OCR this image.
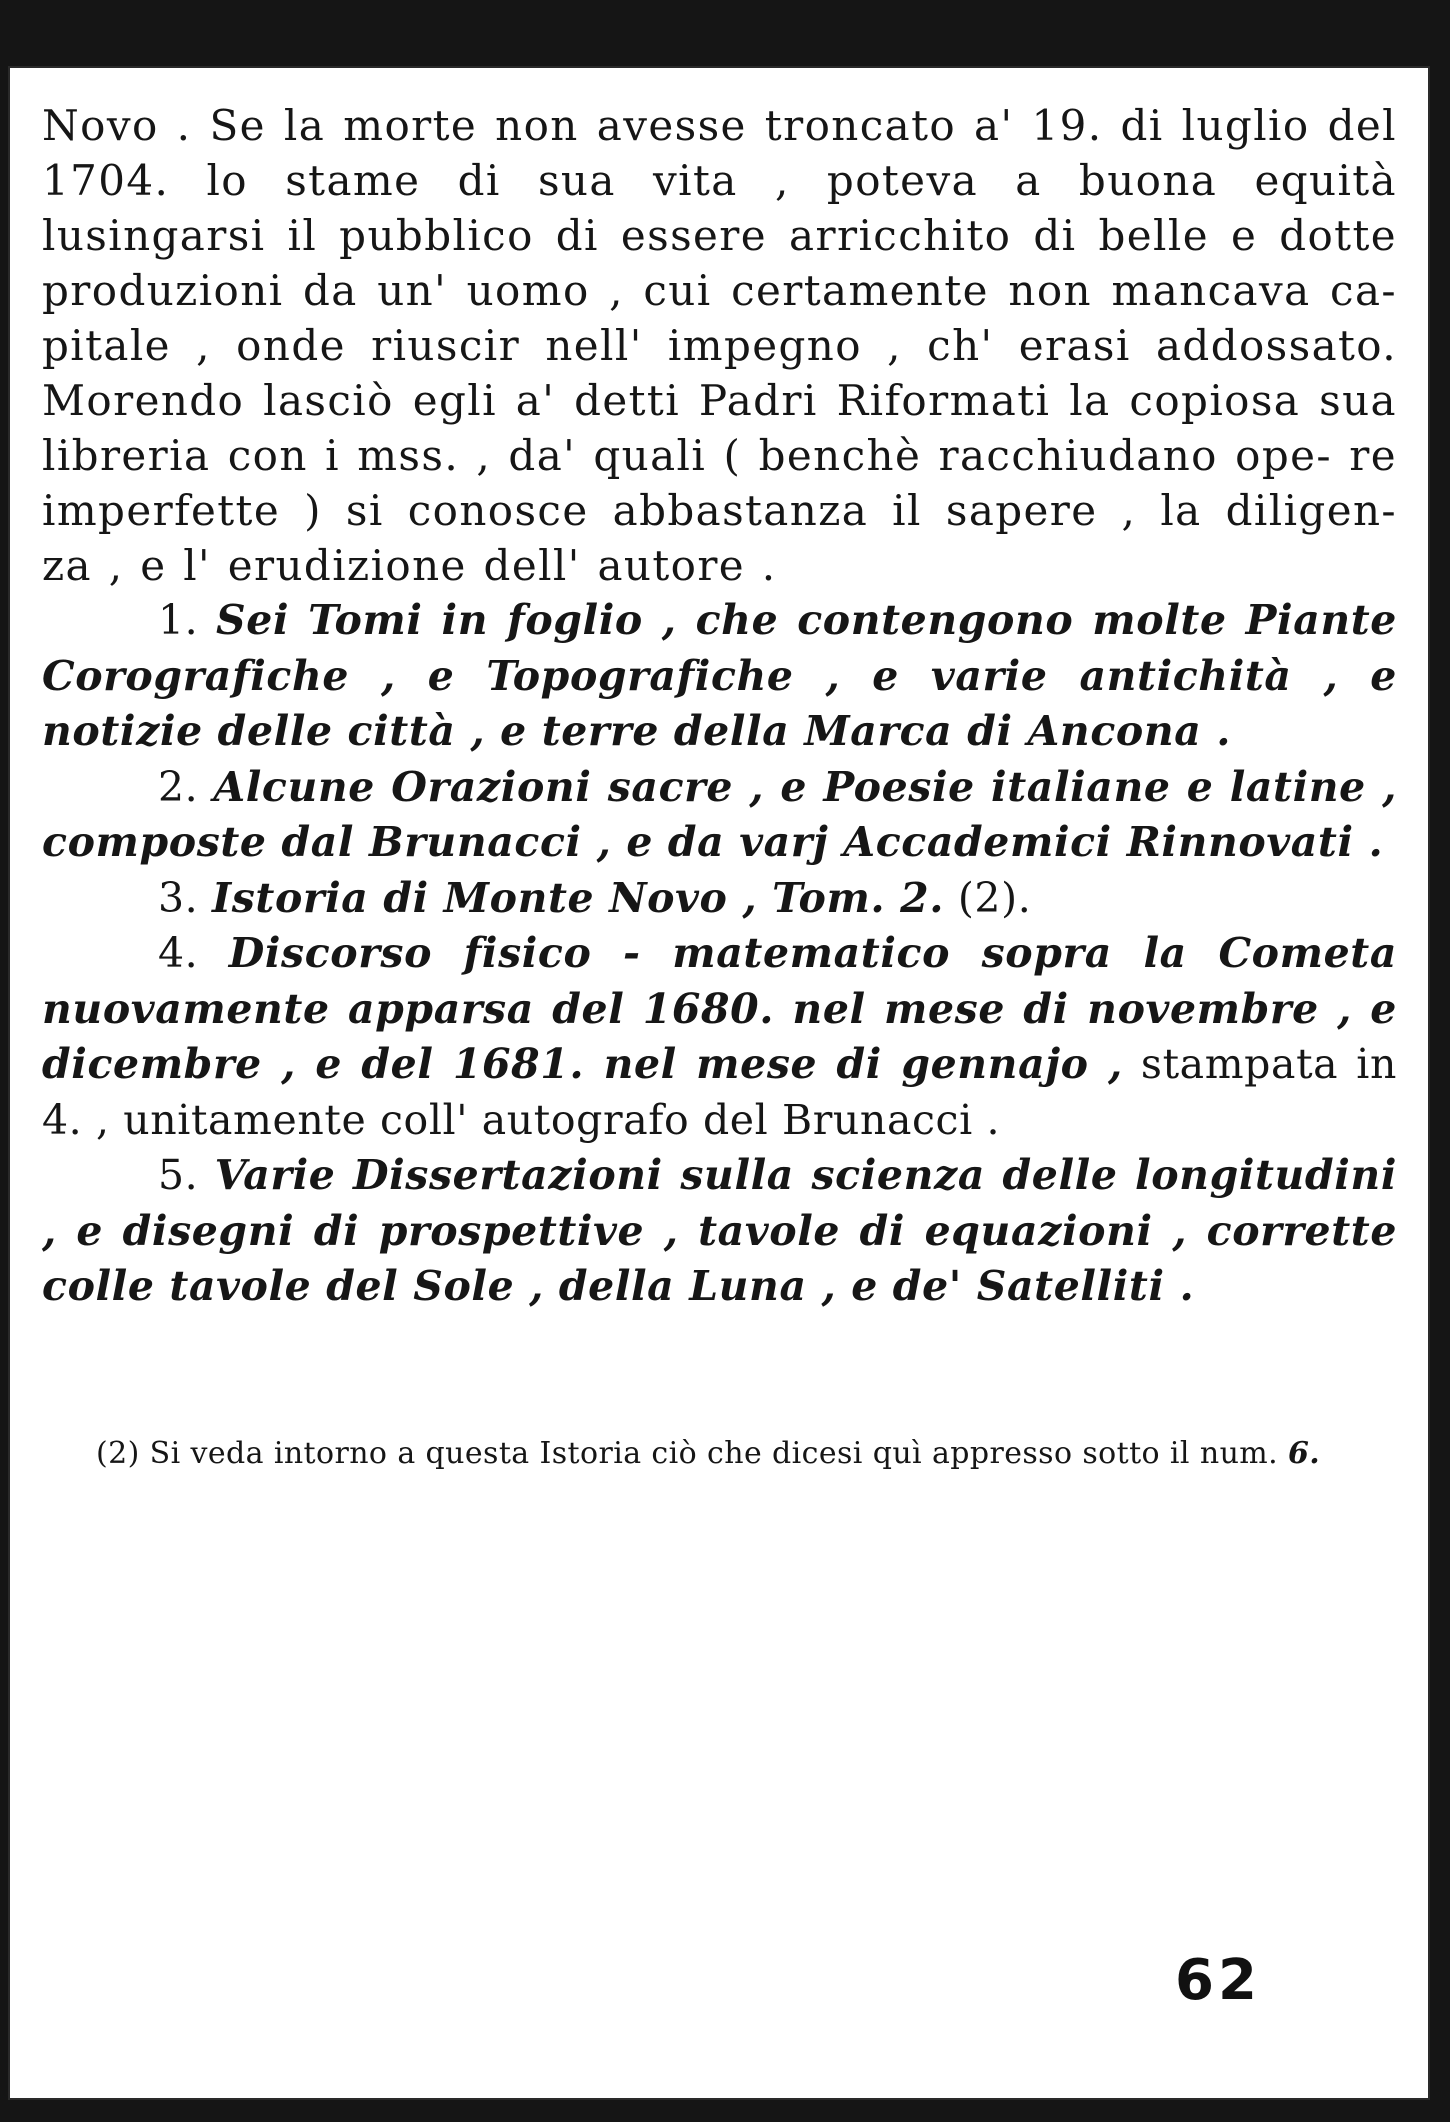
Novo . Se la morte non avesse troncato a' 19. di luglio del 1704. lo stame di sua vita , poteva a buona equità lusingarsi il pubblico di essere arricchito di belle e dotte produzioni da un' uomo , cui certamente non mancava ca- pitale , onde riuscir nell' impegno , ch' erasi addossato. Morendo lasciò egli a' detti Padri Riformati la copiosa sua libreria con i mss. , da' quali ( benchè racchiudano ope- re imperfette ) si conosce abbastanza il sapere , la diligen- za , e l' erudizione dell' autore .

1. Sei Tomi in foglio , che contengono molte Piante Corografiche , e Topografiche , e varie antichità , e notizie delle città , e terre della Marca di Ancona .

2. Alcune Orazioni sacre , e Poesie italiane e latine , composte dal Brunacci , e da varj Accademici Rinnovati .

3. Istoria di Monte Novo , Tom. 2. (2).

4. Discorso fisico - matematico sopra la Cometa nuovamente apparsa del 1680. nel mese di novembre , e dicembre , e del 1681. nel mese di gennajo , stampata in 4. , unitamente coll' autografo del Brunacci .

5. Varie Dissertazioni sulla scienza delle longitudini , e disegni di prospettive , tavole di equazioni , corrette colle tavole del Sole , della Luna , e de' Satelliti .

(2) Si veda intorno a questa Istoria ciò che dicesi quì appresso sotto il num. 6.
62
